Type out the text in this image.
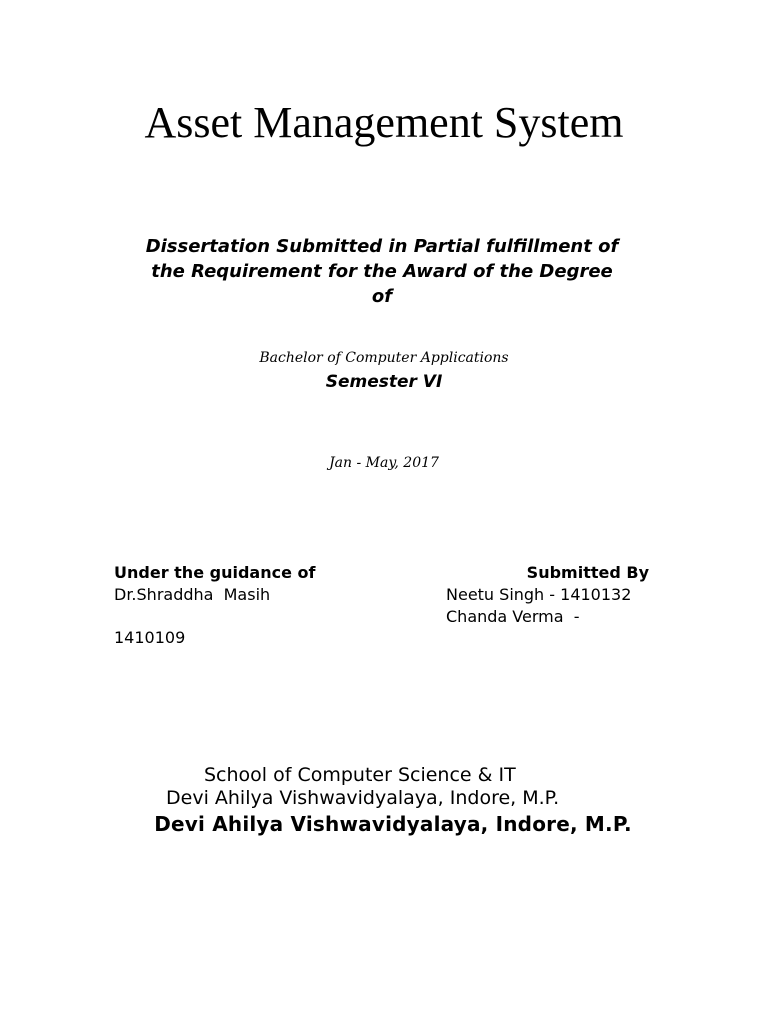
Asset Management System
Dissertation Submitted in Partial fulfillment of
the Requirement for the Award of the Degree
of
Bachelor of Computer Applications
Semester VI
Jan - May, 2017
Under the guidance of
Dr.Shraddha  Masih
Submitted By
Neetu Singh - 1410132
Chanda Verma  -
1410109
School of Computer Science & IT
Devi Ahilya Vishwavidyalaya, Indore, M.P.
Devi Ahilya Vishwavidyalaya, Indore, M.P.
